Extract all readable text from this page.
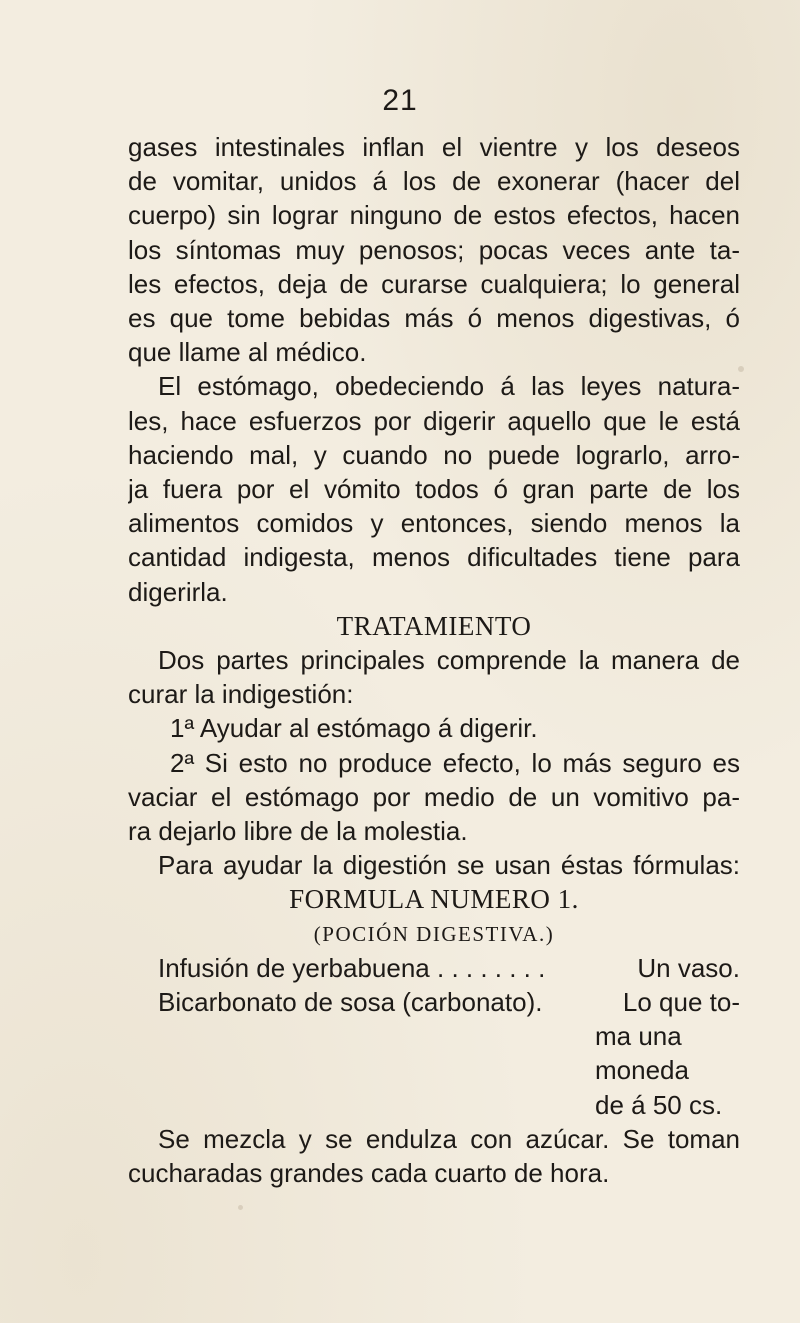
21
gases intestinales inflan el vientre y los deseos
de vomitar, unidos á los de exonerar (hacer del
cuerpo) sin lograr ninguno de estos efectos, hacen
los síntomas muy penosos; pocas veces ante ta-
les efectos, deja de curarse cualquiera; lo general
es que tome bebidas más ó menos digestivas, ó
que llame al médico.
El estómago, obedeciendo á las leyes natura-
les, hace esfuerzos por digerir aquello que le está
haciendo mal, y cuando no puede lograrlo, arro-
ja fuera por el vómito todos ó gran parte de los
alimentos comidos y entonces, siendo menos la
cantidad indigesta, menos dificultades tiene para
digerirla.
TRATAMIENTO
Dos partes principales comprende la manera de
curar la indigestión:
1ª Ayudar al estómago á digerir.
2ª Si esto no produce efecto, lo más seguro es
vaciar el estómago por medio de un vomitivo pa-
ra dejarlo libre de la molestia.
Para ayudar la digestión se usan éstas fórmulas:
FORMULA NUMERO 1.
(POCIÓN DIGESTIVA.)
Infusión de yerbabuena . . . . . . . .	Un vaso.
Bicarbonato de sosa (carbonato).	Lo que to-
ma una
moneda
de á 50 cs.
Se mezcla y se endulza con azúcar. Se toman
cucharadas grandes cada cuarto de hora.
